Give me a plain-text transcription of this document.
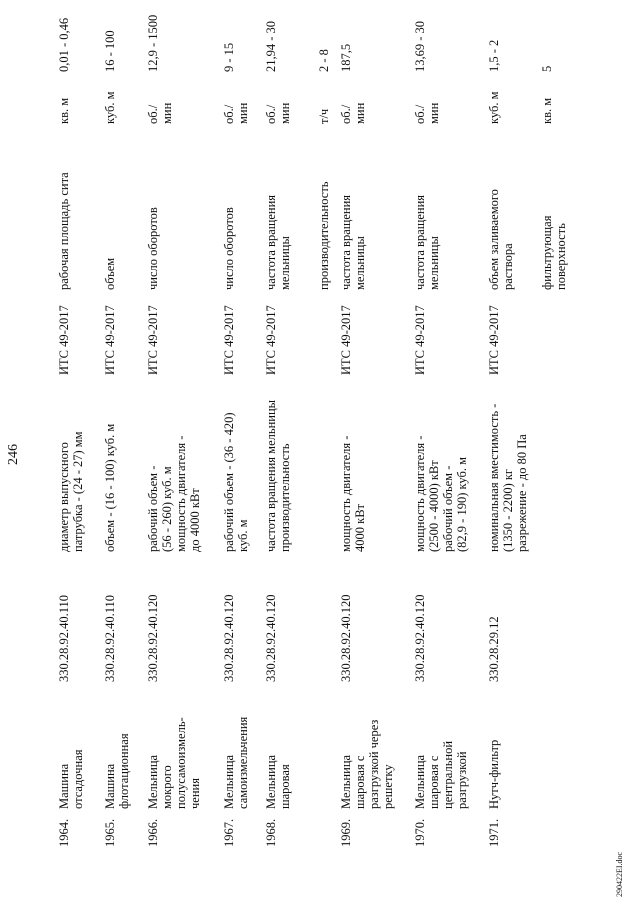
246
1964.
Машина
отсадочная
330.28.92.40.110
диаметр выпускного
патрубка - (24 - 27) мм
ИТС 49-2017
рабочая площадь сита
кв. м
0,01 - 0,46
1965.
Машина
флотационная
330.28.92.40.110
объем - (16 - 100) куб. м
ИТС 49-2017
объем
куб. м
16 - 100
1966.
Мельница
мокрого
полусамоизмель-
чения
330.28.92.40.120
рабочий объем -
(56 - 260) куб. м
мощность двигателя -
до 4000 кВт
ИТС 49-2017
число оборотов
об./
мин
12,9 - 1500
1967.
Мельница
самоизмельчения
330.28.92.40.120
рабочий объем - (36 - 420)
куб. м
ИТС 49-2017
число оборотов
об./
мин
9 - 15
1968.
Мельница
шаровая
330.28.92.40.120
частота вращения мельницы
производительность
ИТС 49-2017
частота вращения
мельницы
об./
мин
21,94 - 30
производительность
т/ч
2 - 8
1969.
Мельница
шаровая с
разгрузкой через
решетку
330.28.92.40.120
мощность двигателя -
4000 кВт
ИТС 49-2017
частота вращения
мельницы
об./
мин
187,5
1970.
Мельница
шаровая с
центральной
разгрузкой
330.28.92.40.120
мощность двигателя -
(2500 - 4000) кВт
рабочий объем -
(82,9 - 190) куб. м
ИТС 49-2017
частота вращения
мельницы
об./
мин
13,69 - 30
1971.
Нутч-фильтр
330.28.29.12
номинальная вместимость -
(1350 - 2200) кг
разрежение - до 80 Па
ИТС 49-2017
объем заливаемого
раствора
куб. м
1,5 - 2
фильтрующая
поверхность
кв. м
5
290422EI.doc
